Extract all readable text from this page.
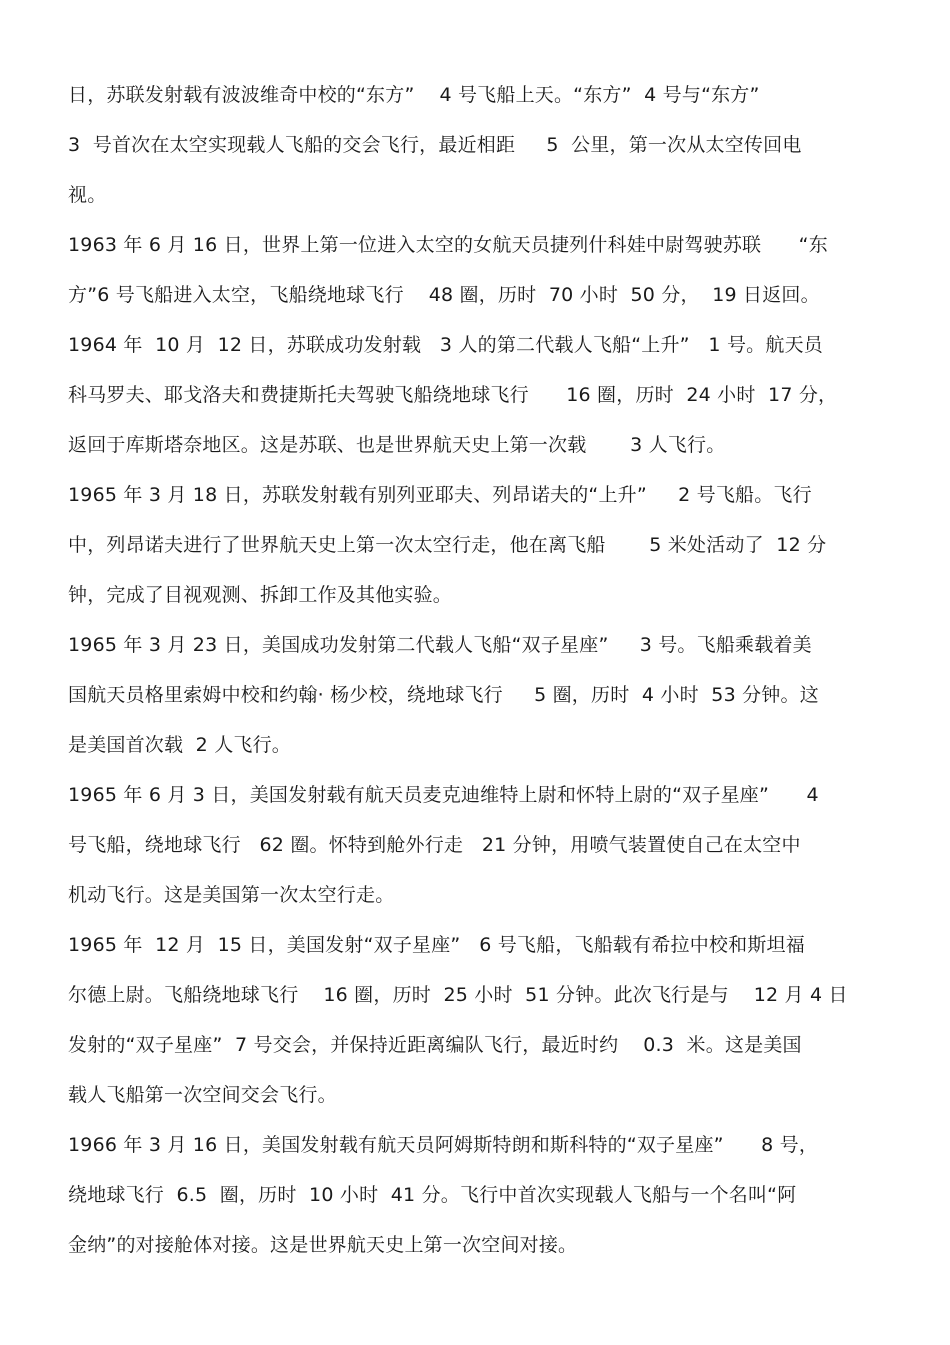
日，苏联发射载有波波维奇中校的“东方”    4 号飞船上天。“东方”  4 号与“东方”
3  号首次在太空实现载人飞船的交会飞行，最近相距     5  公里，第一次从太空传回电
视。
1963 年 6 月 16 日，世界上第一位进入太空的女航天员捷列什科娃中尉驾驶苏联      “东
方”6 号飞船进入太空，飞船绕地球飞行    48 圈，历时  70 小时  50 分，  19 日返回。
1964 年  10 月  12 日，苏联成功发射载   3 人的第二代载人飞船“上升”   1 号。航天员
科马罗夫、耶戈洛夫和费捷斯托夫驾驶飞船绕地球飞行      16 圈，历时  24 小时  17 分，
返回于库斯塔奈地区。这是苏联、也是世界航天史上第一次载       3 人飞行。
1965 年 3 月 18 日，苏联发射载有别列亚耶夫、列昂诺夫的“上升”     2 号飞船。飞行
中，列昂诺夫进行了世界航天史上第一次太空行走，他在离飞船       5 米处活动了  12 分
钟，完成了目视观测、拆卸工作及其他实验。
1965 年 3 月 23 日，美国成功发射第二代载人飞船“双子星座”     3 号。飞船乘载着美
国航天员格里索姆中校和约翰· 杨少校，绕地球飞行     5 圈，历时  4 小时  53 分钟。这
是美国首次载  2 人飞行。
1965 年 6 月 3 日，美国发射载有航天员麦克迪维特上尉和怀特上尉的“双子星座”      4
号飞船，绕地球飞行   62 圈。怀特到舱外行走   21 分钟，用喷气装置使自己在太空中
机动飞行。这是美国第一次太空行走。
1965 年  12 月  15 日，美国发射“双子星座”   6 号飞船，飞船载有希拉中校和斯坦福
尔德上尉。飞船绕地球飞行    16 圈，历时  25 小时  51 分钟。此次飞行是与    12 月 4 日
发射的“双子星座”  7 号交会，并保持近距离编队飞行，最近时约    0.3  米。这是美国
载人飞船第一次空间交会飞行。
1966 年 3 月 16 日，美国发射载有航天员阿姆斯特朗和斯科特的“双子星座”      8 号，
绕地球飞行  6.5  圈，历时  10 小时  41 分。飞行中首次实现载人飞船与一个名叫“阿
金纳”的对接舱体对接。这是世界航天史上第一次空间对接。
